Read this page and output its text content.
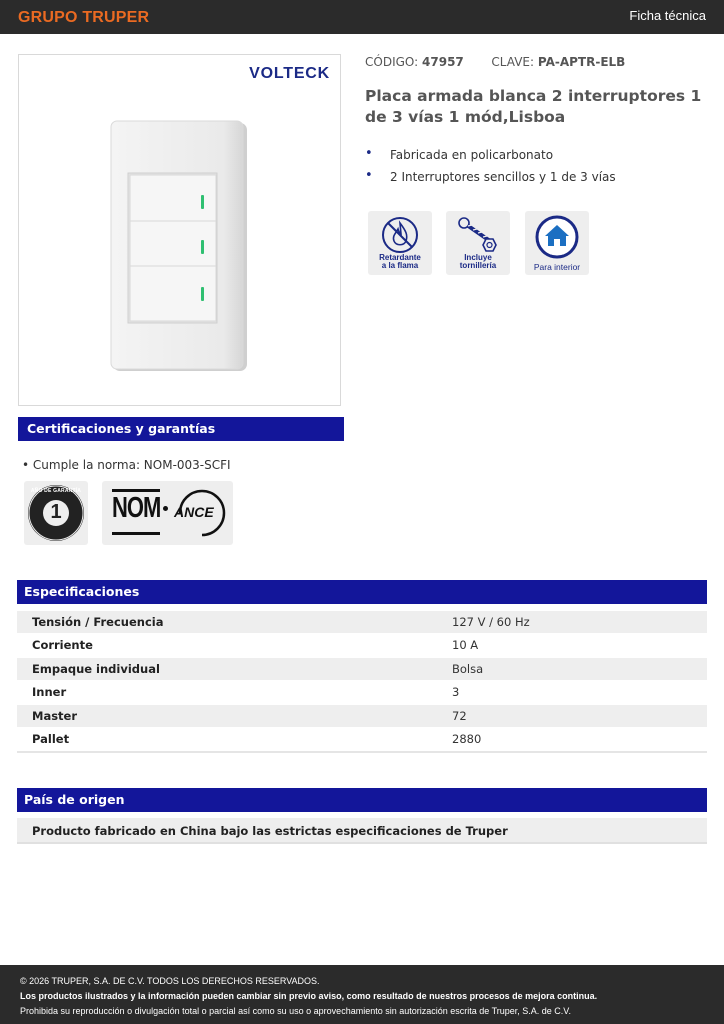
GRUPO TRUPER	Ficha técnica
VOLTECK
CÓDIGO: 47957 CLAVE: PA-APTR-ELB
Placa armada blanca 2 interruptores 1 de 3 vías 1 mód,Lisboa
• Fabricada en policarbonato
• 2 Interruptores sencillos y 1 de 3 vías
Retardante
a la flama
Incluye
tornillería	Para interior
Certificaciones y garantías
• Cumple la norma: NOM-003-SCFI
1
AÑO DE GARANTÍA
NOM ANCE
Especificaciones
Tensión / Frecuencia	127 V / 60 Hz
Corriente	10 A
Empaque individual	Bolsa
Inner	3
Master	72
Pallet	2880
País de origen
Producto fabricado en China bajo las estrictas especificaciones de Truper
© 2026 TRUPER, S.A. DE C.V. TODOS LOS DERECHOS RESERVADOS.
Los productos ilustrados y la información pueden cambiar sin previo aviso, como resultado de nuestros procesos de mejora continua.
Prohibida su reproducción o divulgación total o parcial así como su uso o aprovechamiento sin autorización escrita de Truper, S.A. de C.V.
